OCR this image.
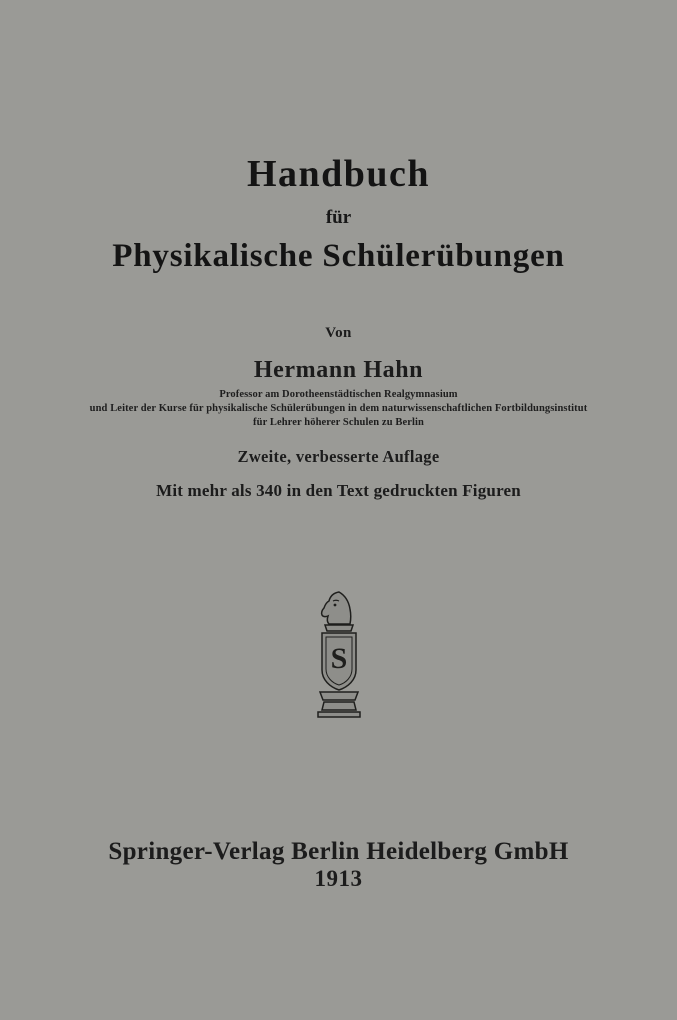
Handbuch
für
Physikalische Schülerübungen
Von
Hermann Hahn
Professor am Dorotheenstädtischen Realgymnasium
und Leiter der Kurse für physikalische Schülerübungen in dem naturwissenschaftlichen Fortbildungsinstitut
für Lehrer höherer Schulen zu Berlin
Zweite, verbesserte Auflage
Mit mehr als 340 in den Text gedruckten Figuren
S
Springer-Verlag Berlin Heidelberg GmbH
1913
